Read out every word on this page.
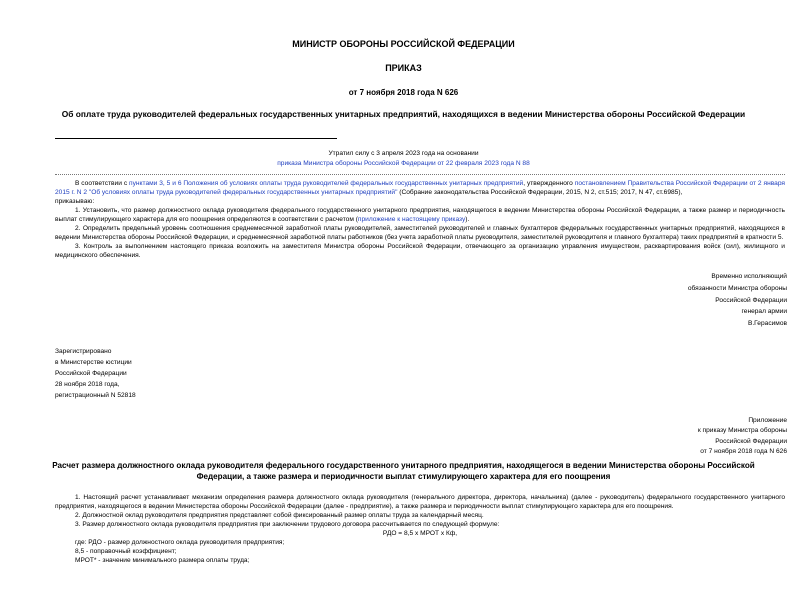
МИНИСТР ОБОРОНЫ РОССИЙСКОЙ ФЕДЕРАЦИИ
ПРИКАЗ
от 7 ноября 2018 года N 626
Об оплате труда руководителей федеральных государственных унитарных предприятий, находящихся в ведении Министерства обороны Российской Федерации
Утратил силу с 3 апреля 2023 года на основании
приказа Министра обороны Российской Федерации от 22 февраля 2023 года N 88

В соответствии с пунктами 3, 5 и 6 Положения об условиях оплаты труда руководителей федеральных государственных унитарных предприятий, утвержденного постановлением Правительства Российской Федерации от 2 января 2015 г. N 2 "Об условиях оплаты труда руководителей федеральных государственных унитарных предприятий" (Собрание законодательства Российской Федерации, 2015, N 2, ст.515; 2017, N 47, ст.6985),

приказываю:

1. Установить, что размер должностного оклада руководителя федерального государственного унитарного предприятия, находящегося в ведении Министерства обороны Российской Федерации, а также размер и периодичность выплат стимулирующего характера для его поощрения определяются в соответствии с расчетом (приложение к настоящему приказу).

2. Определить предельный уровень соотношения среднемесячной заработной платы руководителей, заместителей руководителей и главных бухгалтеров федеральных государственных унитарных предприятий, находящихся в ведении Министерства обороны Российской Федерации, и среднемесячной заработной платы работников (без учета заработной платы руководителя, заместителей руководителя и главного бухгалтера) таких предприятий в кратности 5.

3. Контроль за выполнением настоящего приказа возложить на заместителя Министра обороны Российской Федерации, отвечающего за организацию управления имуществом, расквартирования войск (сил), жилищного и медицинского обеспечения.

Временно исполняющий
обязанности Министра обороны
Российской Федерации
генерал армии
В.Герасимов
Зарегистрировано
в Министерстве юстиции
Российской Федерации
28 ноября 2018 года,
регистрационный N 52818
Приложение
к приказу Министра обороны
Российской Федерации
от 7 ноября 2018 года N 626
Расчет размера должностного оклада руководителя федерального государственного унитарного предприятия, находящегося в ведении Министерства обороны Российской Федерации, а также размера и периодичности выплат стимулирующего характера для его поощрения

1. Настоящий расчет устанавливает механизм определения размера должностного оклада руководителя (генерального директора, директора, начальника) (далее - руководитель) федерального государственного унитарного предприятия, находящегося в ведении Министерства обороны Российской Федерации (далее - предприятие), а также размера и периодичности выплат стимулирующего характера для его поощрения.

2. Должностной оклад руководителя предприятия представляет собой фиксированный размер оплаты труда за календарный месяц.

3. Размер должностного оклада руководителя предприятия при заключении трудового договора рассчитывается по следующей формуле:

РДО = 8,5 x МРОТ x Кф,

где: РДО - размер должностного оклада руководителя предприятия;

8,5 - поправочный коэффициент;

МРОТ* - значение минимального размера оплаты труда;
